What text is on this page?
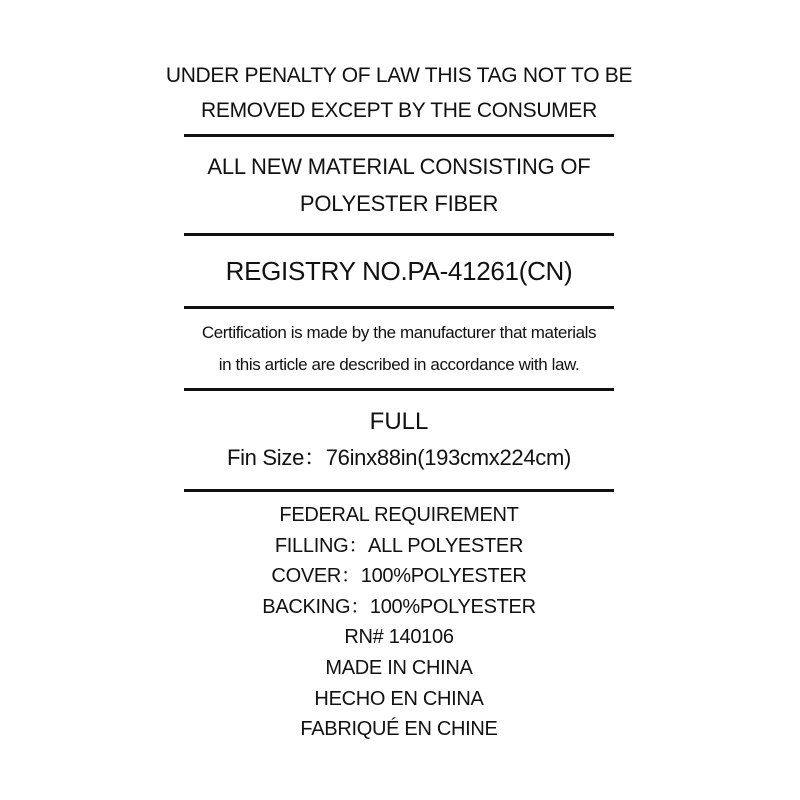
UNDER PENALTY OF LAW THIS TAG NOT TO BE
REMOVED EXCEPT BY THE CONSUMER
ALL NEW MATERIAL CONSISTING OF
POLYESTER FIBER
REGISTRY NO.PA-41261(CN)
Certification is made by the manufacturer that materials
in this article are described in accordance with law.
FULL
Fin Size：76inx88in(193cmx224cm)
FEDERAL REQUIREMENT
FILLING：ALL POLYESTER
COVER：100%POLYESTER
BACKING：100%POLYESTER
RN# 140106
MADE IN CHINA
HECHO EN CHINA
FABRIQUÉ EN CHINE
